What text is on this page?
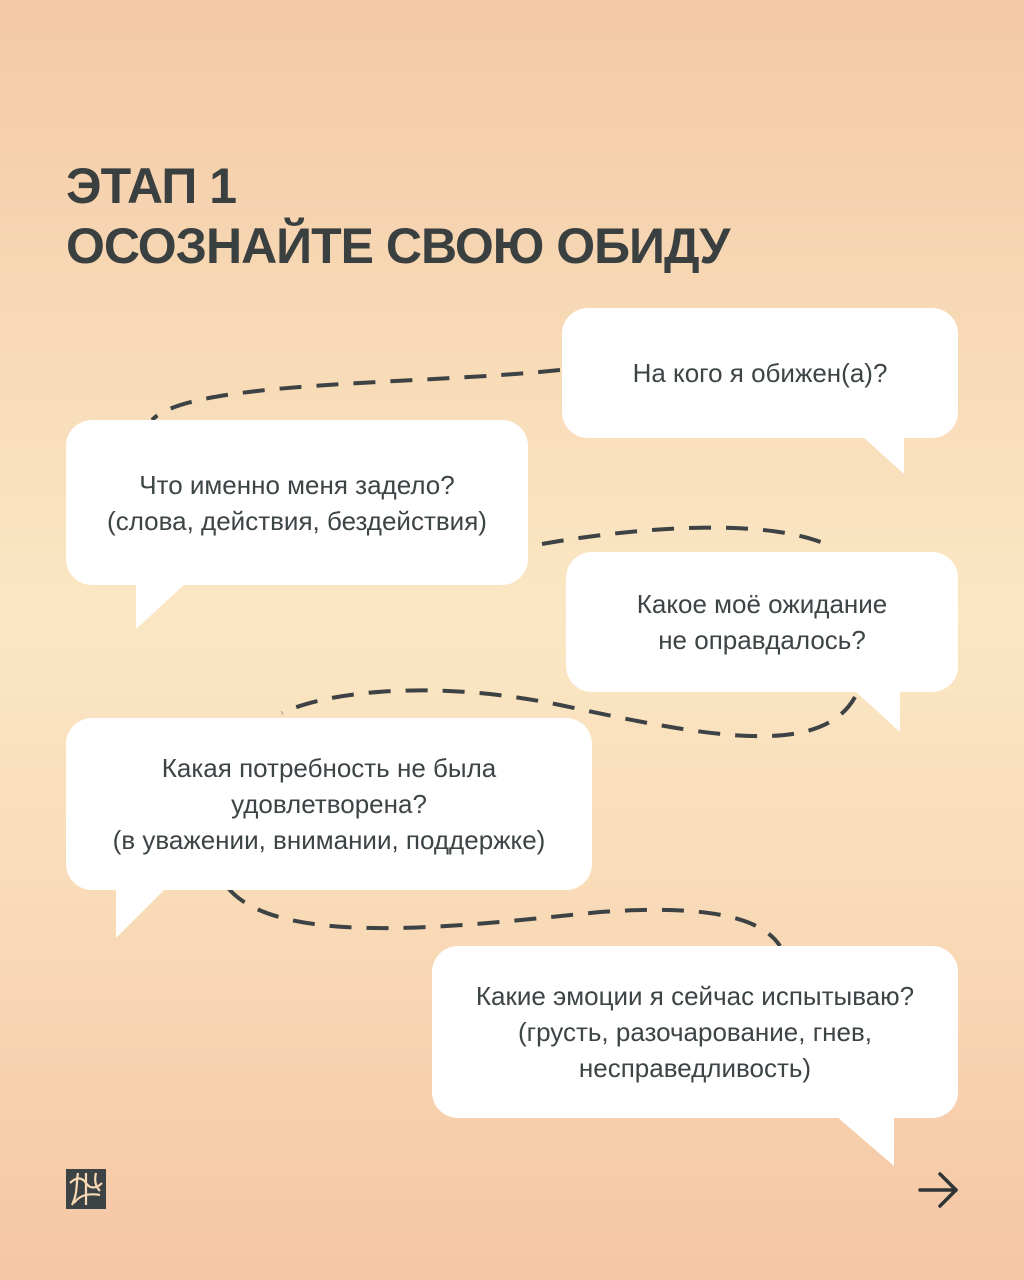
ЭТАП 1
ОСОЗНАЙТЕ СВОЮ ОБИДУ
На кого я обижен(а)?
Что именно меня задело?
(слова, действия, бездействия)
Какое моё ожидание
не оправдалось?
Какая потребность не была
удовлетворена?
(в уважении, внимании, поддержке)
Какие эмоции я сейчас испытываю?
(грусть, разочарование, гнев,
несправедливость)
